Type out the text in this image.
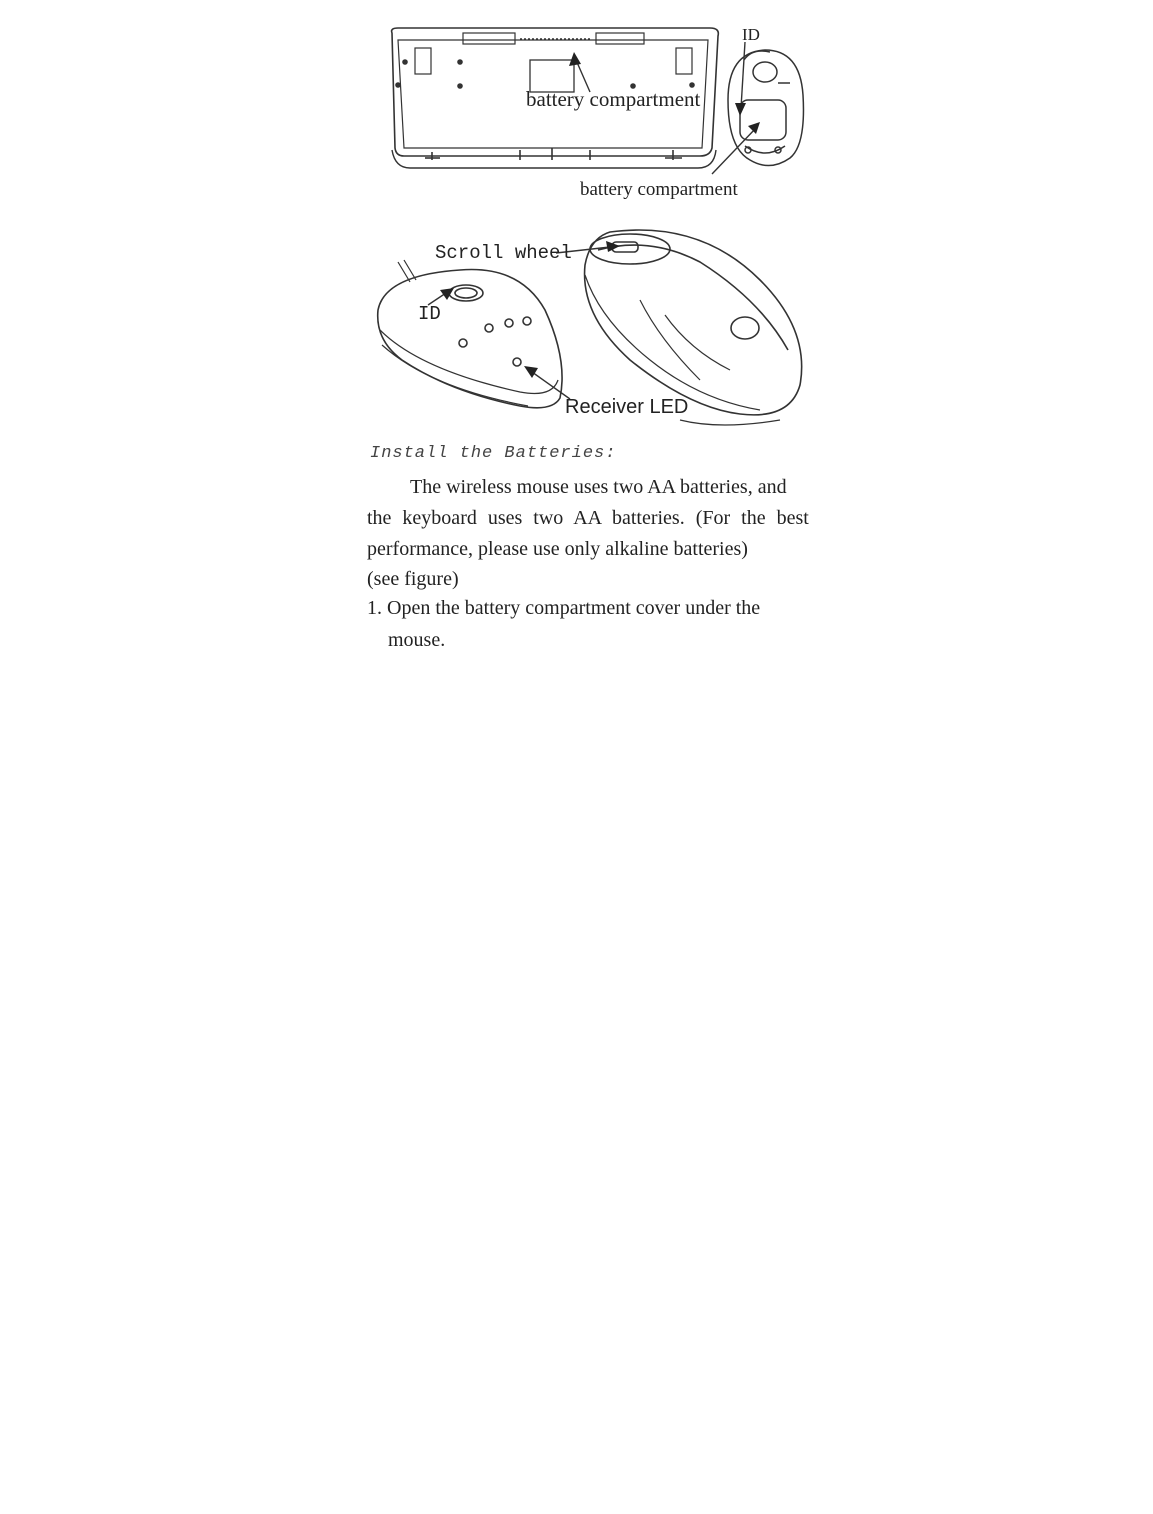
battery compartment
ID
battery compartment
Scroll wheel
ID
Receiver LED
Install the Batteries:
The wireless mouse uses two AA batteries, and
the keyboard uses two AA batteries. (For the best
performance, please use only alkaline batteries)
(see figure)
1. Open the battery compartment cover under the
mouse.
